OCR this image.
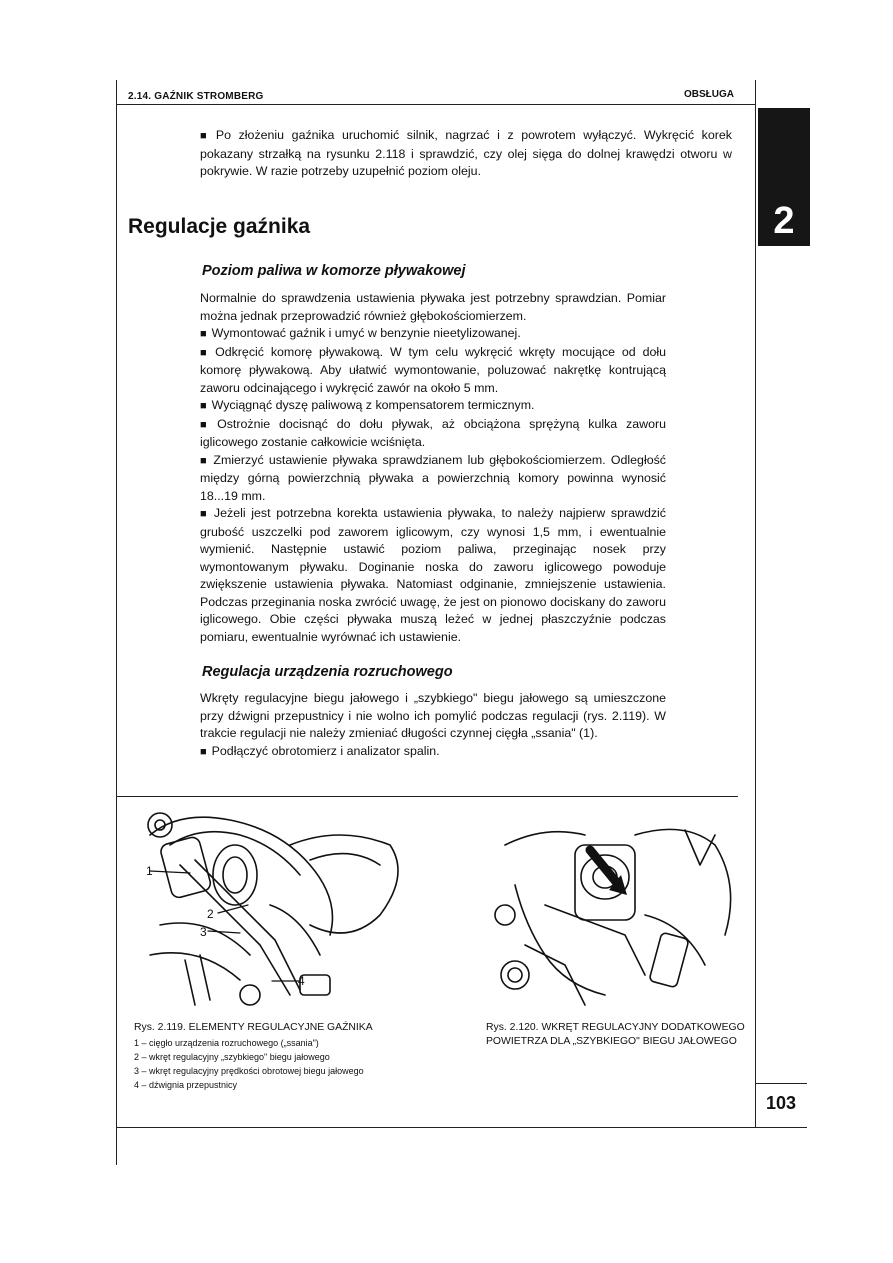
2.14. GAŹNIK STROMBERG	OBSŁUGA
2
■ Po złożeniu gaźnika uruchomić silnik, nagrzać i z powrotem wyłączyć. Wykręcić korek pokazany strzałką na rysunku 2.118 i sprawdzić, czy olej sięga do dolnej krawędzi otworu w pokrywie. W razie potrzeby uzupełnić poziom oleju.
Regulacje gaźnika
Poziom paliwa w komorze pływakowej
Normalnie do sprawdzenia ustawienia pływaka jest potrzebny sprawdzian. Pomiar można jednak przeprowadzić również głębokościomierzem.
■ Wymontować gaźnik i umyć w benzynie nieetylizowanej.
■ Odkręcić komorę pływakową. W tym celu wykręcić wkręty mocujące od dołu komorę pływakową. Aby ułatwić wymontowanie, poluzować nakrętkę kontrującą zaworu odcinającego i wykręcić zawór na około 5 mm.
■ Wyciągnąć dyszę paliwową z kompensatorem termicznym.
■ Ostrożnie docisnąć do dołu pływak, aż obciążona sprężyną kulka zaworu iglicowego zostanie całkowicie wciśnięta.
■ Zmierzyć ustawienie pływaka sprawdzianem lub głębokościomierzem. Odległość między górną powierzchnią pływaka a powierzchnią komory powinna wynosić 18...19 mm.
■ Jeżeli jest potrzebna korekta ustawienia pływaka, to należy najpierw sprawdzić grubość uszczelki pod zaworem iglicowym, czy wynosi 1,5 mm, i ewentualnie wymienić. Następnie ustawić poziom paliwa, przeginając nosek przy wymontowanym pływaku. Doginanie noska do zaworu iglicowego powoduje zwiększenie ustawienia pływaka. Natomiast odginanie, zmniejszenie ustawienia. Podczas przeginania noska zwrócić uwagę, że jest on pionowo dociskany do zaworu iglicowego. Obie części pływaka muszą leżeć w jednej płaszczyźnie podczas pomiaru, ewentualnie wyrównać ich ustawienie.
Regulacja urządzenia rozruchowego
Wkręty regulacyjne biegu jałowego i „szybkiego" biegu jałowego są umieszczone przy dźwigni przepustnicy i nie wolno ich pomylić podczas regulacji (rys. 2.119). W trakcie regulacji nie należy zmieniać długości czynnej cięgła „ssania" (1).
■ Podłączyć obrotomierz i analizator spalin.
1
2
3
4
Rys. 2.119. ELEMENTY REGULACYJNE GAŹNIKA
1 – cięgło urządzenia rozruchowego („ssania")
2 – wkręt regulacyjny „szybkiego" biegu jałowego
3 – wkręt regulacyjny prędkości obrotowej biegu jałowego
4 – dźwignia przepustnicy
Rys. 2.120. WKRĘT REGULACYJNY DODATKOWEGO
POWIETRZA DLA „SZYBKIEGO" BIEGU JAŁOWEGO
103
